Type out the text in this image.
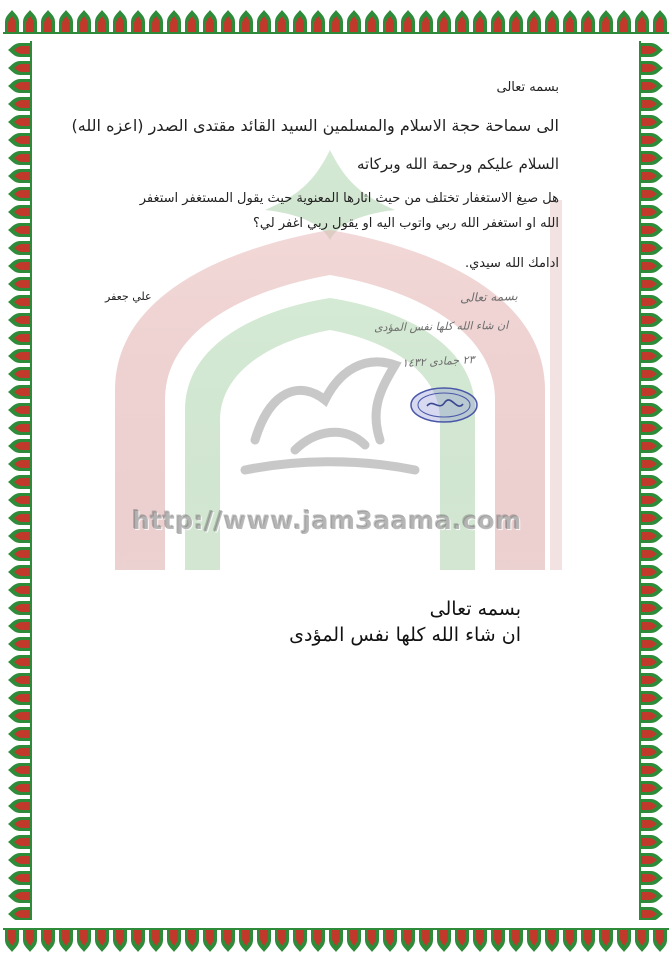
http://www.jam3aama.com
بسمه تعالى
الى سماحة حجة الاسلام والمسلمين السيد القائد مقتدى الصدر (اعزه الله)
السلام عليكم ورحمة الله وبركاته
هل صيغ الاستغفار تختلف من حيث اثارها المعنوية حيث يقول المستغفر استغفر
الله او استغفر الله ربي واتوب اليه او يقول ربي اغفر لي؟
ادامك الله سيدي.
علي جعفر	بسمه تعالى
ان شاء الله كلها نفس المؤدى
٢٣ جمادى ١٤٣٢
بسمه تعالى
ان شاء الله كلها نفس المؤدى
